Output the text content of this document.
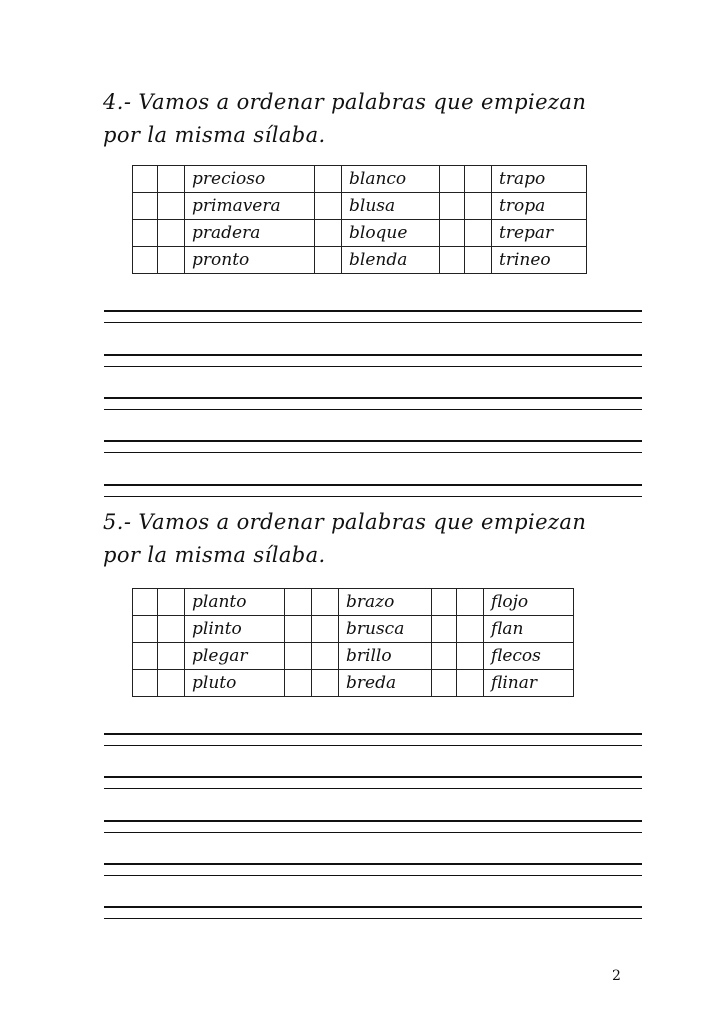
4.- Vamos a ordenar palabras que empiezan por la misma sílaba.

		precioso		blanco			trapo
		primavera		blusa			tropa
		pradera		bloque			trepar
		pronto		blenda			trineo

5.- Vamos a ordenar palabras que empiezan por la misma sílaba.

		planto			brazo			flojo
		plinto			brusca			flan
		plegar			brillo			flecos
		pluto			breda			fliпar
2
